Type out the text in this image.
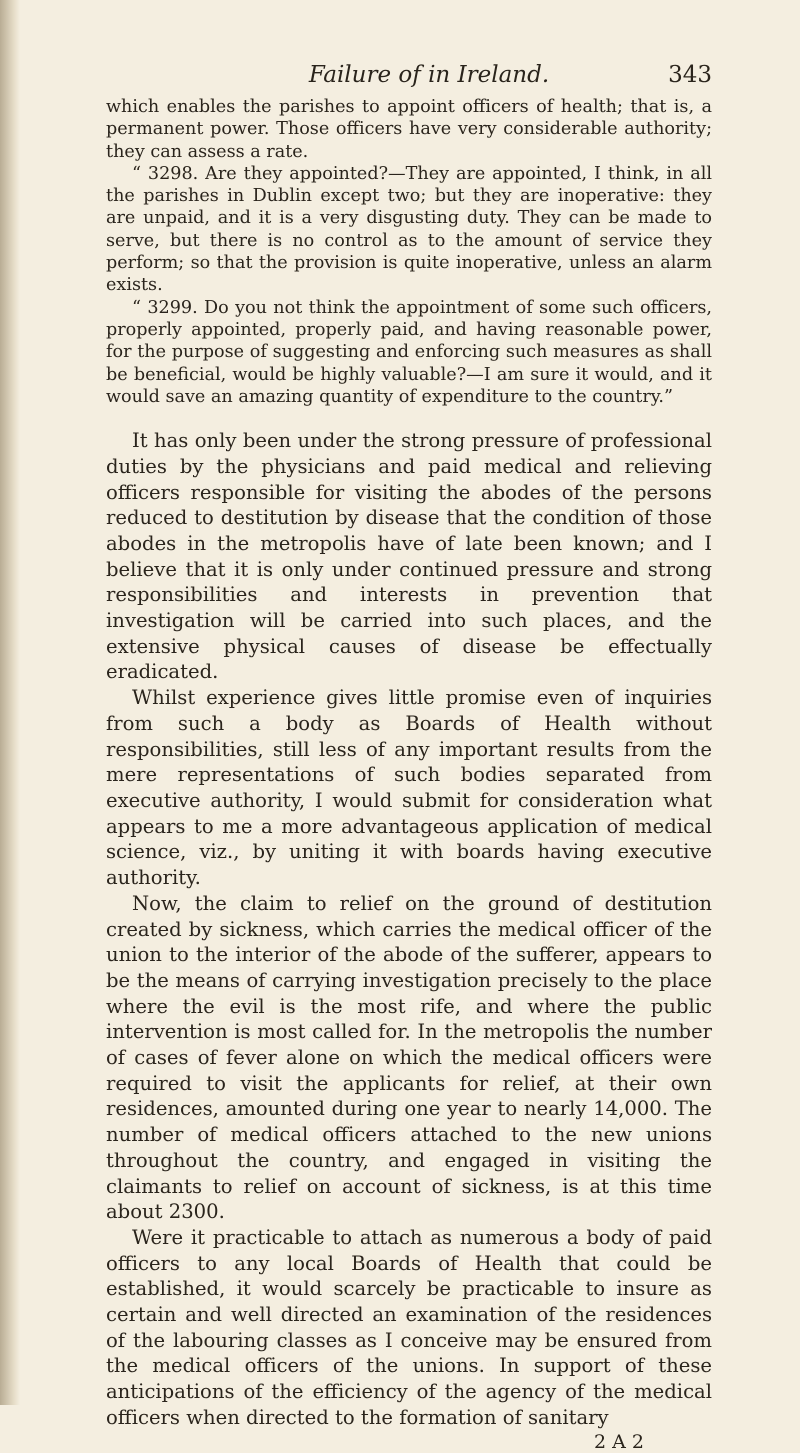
Failure of in Ireland.	343

which enables the parishes to appoint officers of health; that is, a permanent power. Those officers have very considerable authority; they can assess a rate.

“ 3298. Are they appointed?—They are appointed, I think, in all the parishes in Dublin except two; but they are inoperative: they are unpaid, and it is a very disgusting duty. They can be made to serve, but there is no control as to the amount of service they perform; so that the provision is quite inoperative, unless an alarm exists.

“ 3299. Do you not think the appointment of some such officers, properly appointed, properly paid, and having reasonable power, for the purpose of suggesting and enforcing such measures as shall be beneficial, would be highly valuable?—I am sure it would, and it would save an amazing quantity of expenditure to the country.”

It has only been under the strong pressure of professional duties by the physicians and paid medical and relieving officers responsible for visiting the abodes of the persons reduced to destitution by disease that the condition of those abodes in the metropolis have of late been known; and I believe that it is only under continued pressure and strong responsibilities and interests in prevention that investigation will be carried into such places, and the extensive physical causes of disease be effectually eradicated.

Whilst experience gives little promise even of inquiries from such a body as Boards of Health without responsibilities, still less of any important results from the mere representations of such bodies separated from executive authority, I would submit for consideration what appears to me a more advantageous application of medical science, viz., by uniting it with boards having executive authority.

Now, the claim to relief on the ground of destitution created by sickness, which carries the medical officer of the union to the interior of the abode of the sufferer, appears to be the means of carrying investigation precisely to the place where the evil is the most rife, and where the public intervention is most called for. In the metropolis the number of cases of fever alone on which the medical officers were required to visit the applicants for relief, at their own residences, amounted during one year to nearly 14,000. The number of medical officers attached to the new unions throughout the country, and engaged in visiting the claimants to relief on account of sickness, is at this time about 2300.

Were it practicable to attach as numerous a body of paid officers to any local Boards of Health that could be established, it would scarcely be practicable to insure as certain and well directed an examination of the residences of the labouring classes as I conceive may be ensured from the medical officers of the unions. In support of these anticipations of the efficiency of the agency of the medical officers when directed to the formation of sanitary

2 A 2
